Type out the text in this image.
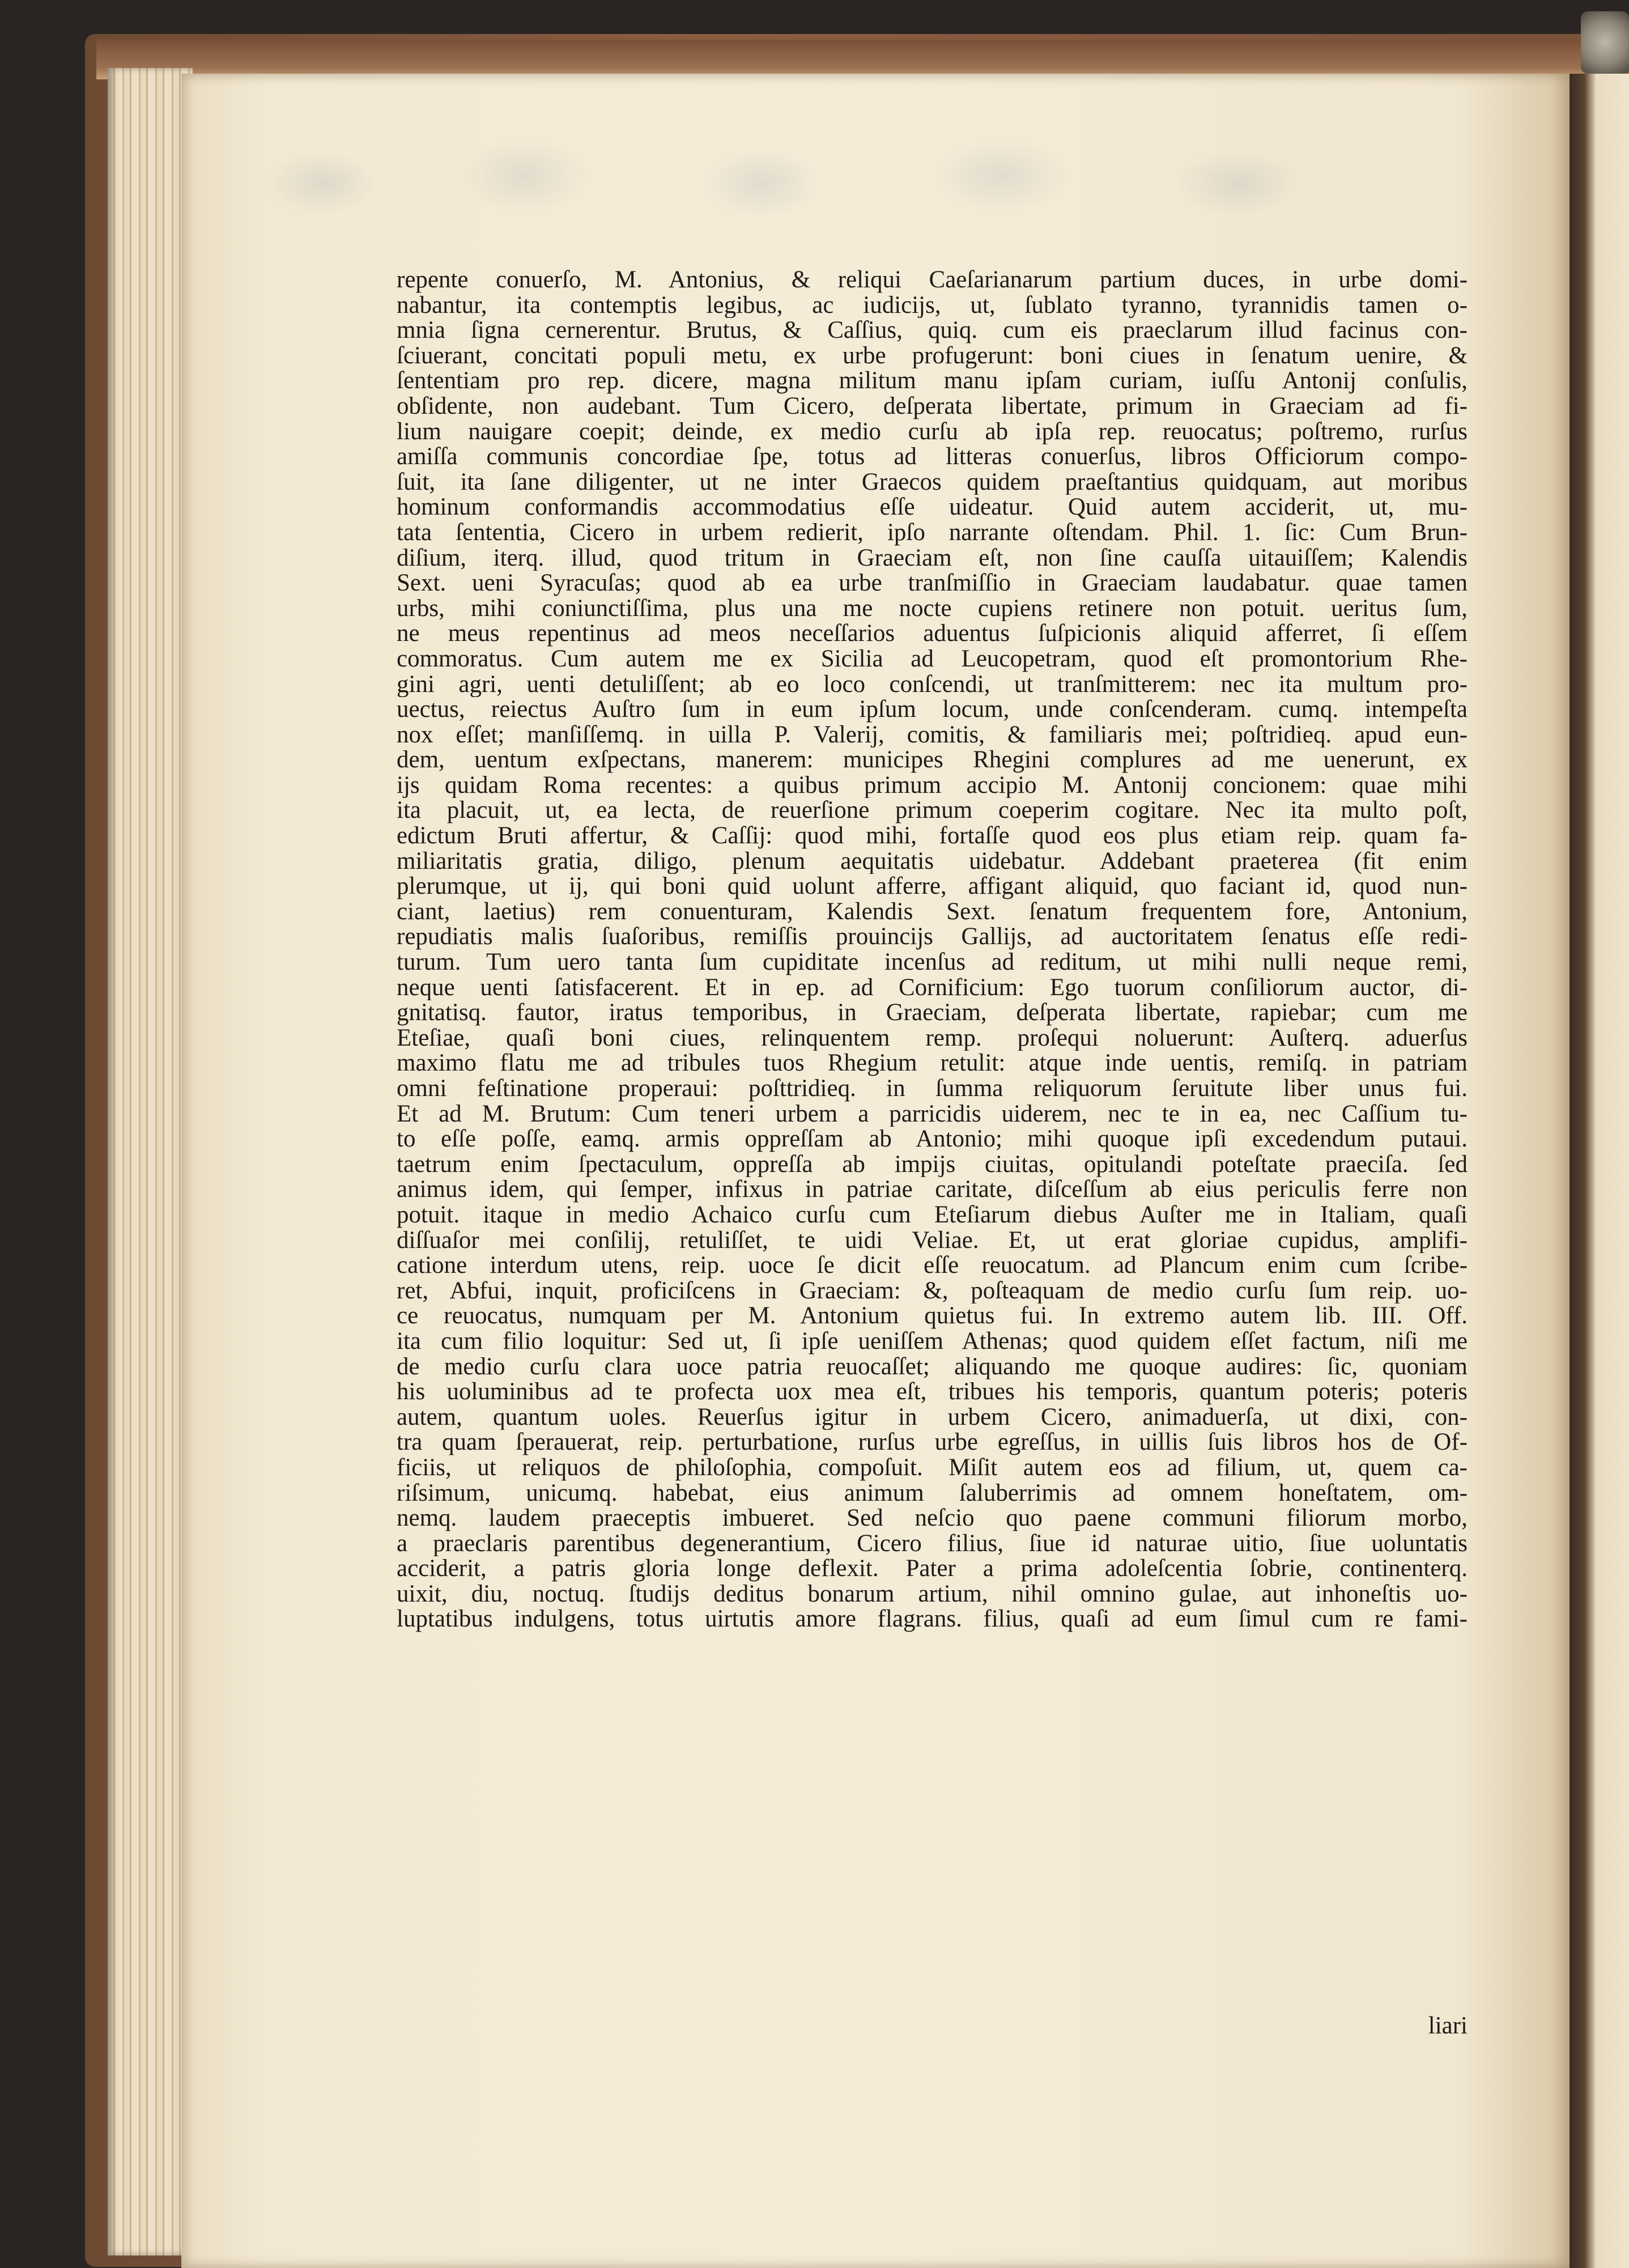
repente conuerſo, M. Antonius, & reliqui Caeſarianarum partium duces, in urbe domi-
nabantur, ita contemptis legibus, ac iudicijs, ut, ſublato tyranno, tyrannidis tamen o-
mnia ſigna cernerentur. Brutus, & Caſſius, quiq. cum eis praeclarum illud facinus con-
ſciuerant, concitati populi metu, ex urbe profugerunt: boni ciues in ſenatum uenire, &
ſententiam pro rep. dicere, magna militum manu ipſam curiam, iuſſu Antonij conſulis,
obſidente, non audebant. Tum Cicero, deſperata libertate, primum in Graeciam ad fi-
lium nauigare coepit; deinde, ex medio curſu ab ipſa rep. reuocatus; poſtremo, rurſus
amiſſa communis concordiae ſpe, totus ad litteras conuerſus, libros Officiorum compo-
ſuit, ita ſane diligenter, ut ne inter Graecos quidem praeſtantius quidquam, aut moribus
hominum conformandis accommodatius eſſe uideatur. Quid autem acciderit, ut, mu-
tata ſententia, Cicero in urbem redierit, ipſo narrante oſtendam. Phil. 1. ſic: Cum Brun-
diſium, iterq. illud, quod tritum in Graeciam eſt, non ſine cauſſa uitauiſſem; Kalendis
Sext. ueni Syracuſas; quod ab ea urbe tranſmiſſio in Graeciam laudabatur. quae tamen
urbs, mihi coniunctiſſima, plus una me nocte cupiens retinere non potuit. ueritus ſum,
ne meus repentinus ad meos neceſſarios aduentus ſuſpicionis aliquid afferret, ſi eſſem
commoratus. Cum autem me ex Sicilia ad Leucopetram, quod eſt promontorium Rhe-
gini agri, uenti detuliſſent; ab eo loco conſcendi, ut tranſmitterem: nec ita multum pro-
uectus, reiectus Auſtro ſum in eum ipſum locum, unde conſcenderam. cumq. intempeſta
nox eſſet; manſiſſemq. in uilla P. Valerij, comitis, & familiaris mei; poſtridieq. apud eun-
dem, uentum exſpectans, manerem: municipes Rhegini complures ad me uenerunt, ex
ijs quidam Roma recentes: a quibus primum accipio M. Antonij concionem: quae mihi
ita placuit, ut, ea lecta, de reuerſione primum coeperim cogitare. Nec ita multo poſt,
edictum Bruti affertur, & Caſſij: quod mihi, fortaſſe quod eos plus etiam reip. quam fa-
miliaritatis gratia, diligo, plenum aequitatis uidebatur. Addebant praeterea (fit enim
plerumque, ut ij, qui boni quid uolunt afferre, affigant aliquid, quo faciant id, quod nun-
ciant, laetius) rem conuenturam, Kalendis Sext. ſenatum frequentem fore, Antonium,
repudiatis malis ſuaſoribus, remiſſis prouincijs Gallijs, ad auctoritatem ſenatus eſſe redi-
turum. Tum uero tanta ſum cupiditate incenſus ad reditum, ut mihi nulli neque remi,
neque uenti ſatisfacerent. Et in ep. ad Cornificium: Ego tuorum conſiliorum auctor, di-
gnitatisq. fautor, iratus temporibus, in Graeciam, deſperata libertate, rapiebar; cum me
Eteſiae, quaſi boni ciues, relinquentem remp. proſequi noluerunt: Auſterq. aduerſus
maximo flatu me ad tribules tuos Rhegium retulit: atque inde uentis, remiſq. in patriam
omni feſtinatione properaui: poſttridieq. in ſumma reliquorum ſeruitute liber unus fui.
Et ad M. Brutum: Cum teneri urbem a parricidis uiderem, nec te in ea, nec Caſſium tu-
to eſſe poſſe, eamq. armis oppreſſam ab Antonio; mihi quoque ipſi excedendum putaui.
taetrum enim ſpectaculum, oppreſſa ab impijs ciuitas, opitulandi poteſtate praeciſa. ſed
animus idem, qui ſemper, infixus in patriae caritate, diſceſſum ab eius periculis ferre non
potuit. itaque in medio Achaico curſu cum Eteſiarum diebus Auſter me in Italiam, quaſi
diſſuaſor mei conſilij, retuliſſet, te uidi Veliae. Et, ut erat gloriae cupidus, amplifi-
catione interdum utens, reip. uoce ſe dicit eſſe reuocatum. ad Plancum enim cum ſcribe-
ret, Abfui, inquit, proficiſcens in Graeciam: &, poſteaquam de medio curſu ſum reip. uo-
ce reuocatus, numquam per M. Antonium quietus fui. In extremo autem lib. III. Off.
ita cum filio loquitur: Sed ut, ſi ipſe ueniſſem Athenas; quod quidem eſſet factum, niſi me
de medio curſu clara uoce patria reuocaſſet; aliquando me quoque audires: ſic, quoniam
his uoluminibus ad te profecta uox mea eſt, tribues his temporis, quantum poteris; poteris
autem, quantum uoles. Reuerſus igitur in urbem Cicero, animaduerſa, ut dixi, con-
tra quam ſperauerat, reip. perturbatione, rurſus urbe egreſſus, in uillis ſuis libros hos de Of-
ficiis, ut reliquos de philoſophia, compoſuit. Miſit autem eos ad filium, ut, quem ca-
riſsimum, unicumq. habebat, eius animum ſaluberrimis ad omnem honeſtatem, om-
nemq. laudem praeceptis imbueret. Sed neſcio quo paene communi filiorum morbo,
a praeclaris parentibus degenerantium, Cicero filius, ſiue id naturae uitio, ſiue uoluntatis
acciderit, a patris gloria longe deflexit. Pater a prima adoleſcentia ſobrie, continenterq.
uixit, diu, noctuq. ſtudijs deditus bonarum artium, nihil omnino gulae, aut inhoneſtis uo-
luptatibus indulgens, totus uirtutis amore flagrans. filius, quaſi ad eum ſimul cum re fami-
liari
